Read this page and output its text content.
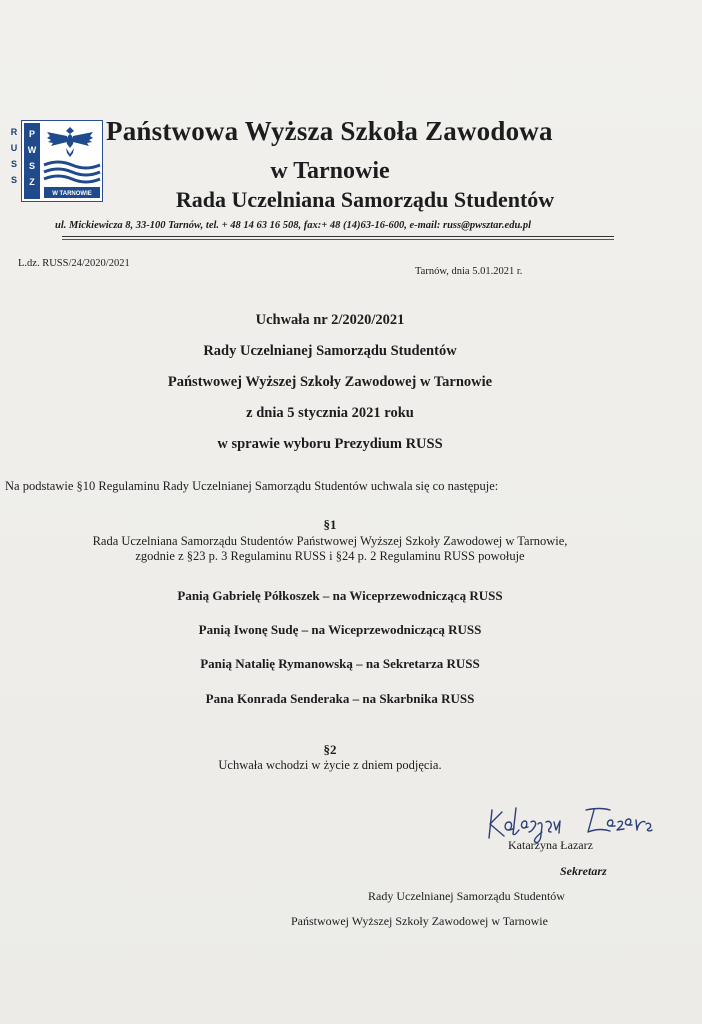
R
U
S
S
P
W
S
Z
W TARNOWIE
Państwowa Wyższa Szkoła Zawodowa
w Tarnowie
Rada Uczelniana Samorządu Studentów
ul. Mickiewicza 8, 33-100 Tarnów, tel. + 48 14 63 16 508, fax:+ 48 (14)63-16-600, e-mail: russ@pwsztar.edu.pl
L.dz. RUSS/24/2020/2021
Tarnów, dnia 5.01.2021 r.
Uchwała nr 2/2020/2021
Rady Uczelnianej Samorządu Studentów
Państwowej Wyższej Szkoły Zawodowej w Tarnowie
z dnia 5 stycznia 2021 roku
w sprawie wyboru Prezydium RUSS
Na podstawie §10 Regulaminu Rady Uczelnianej Samorządu Studentów uchwala się co następuje:
§1
Rada Uczelniana Samorządu Studentów Państwowej Wyższej Szkoły Zawodowej w Tarnowie,
zgodnie z §23 p. 3 Regulaminu RUSS i §24 p. 2 Regulaminu RUSS powołuje
Panią Gabrielę Półkoszek – na Wiceprzewodniczącą RUSS
Panią Iwonę Sudę – na Wiceprzewodniczącą RUSS
Panią Natalię Rymanowską – na Sekretarza RUSS
Pana Konrada Senderaka – na Skarbnika RUSS
§2
Uchwała wchodzi w życie z dniem podjęcia.
Katarzyna Łazarz
Sekretarz
Rady Uczelnianej Samorządu Studentów
Państwowej Wyższej Szkoły Zawodowej w Tarnowie
